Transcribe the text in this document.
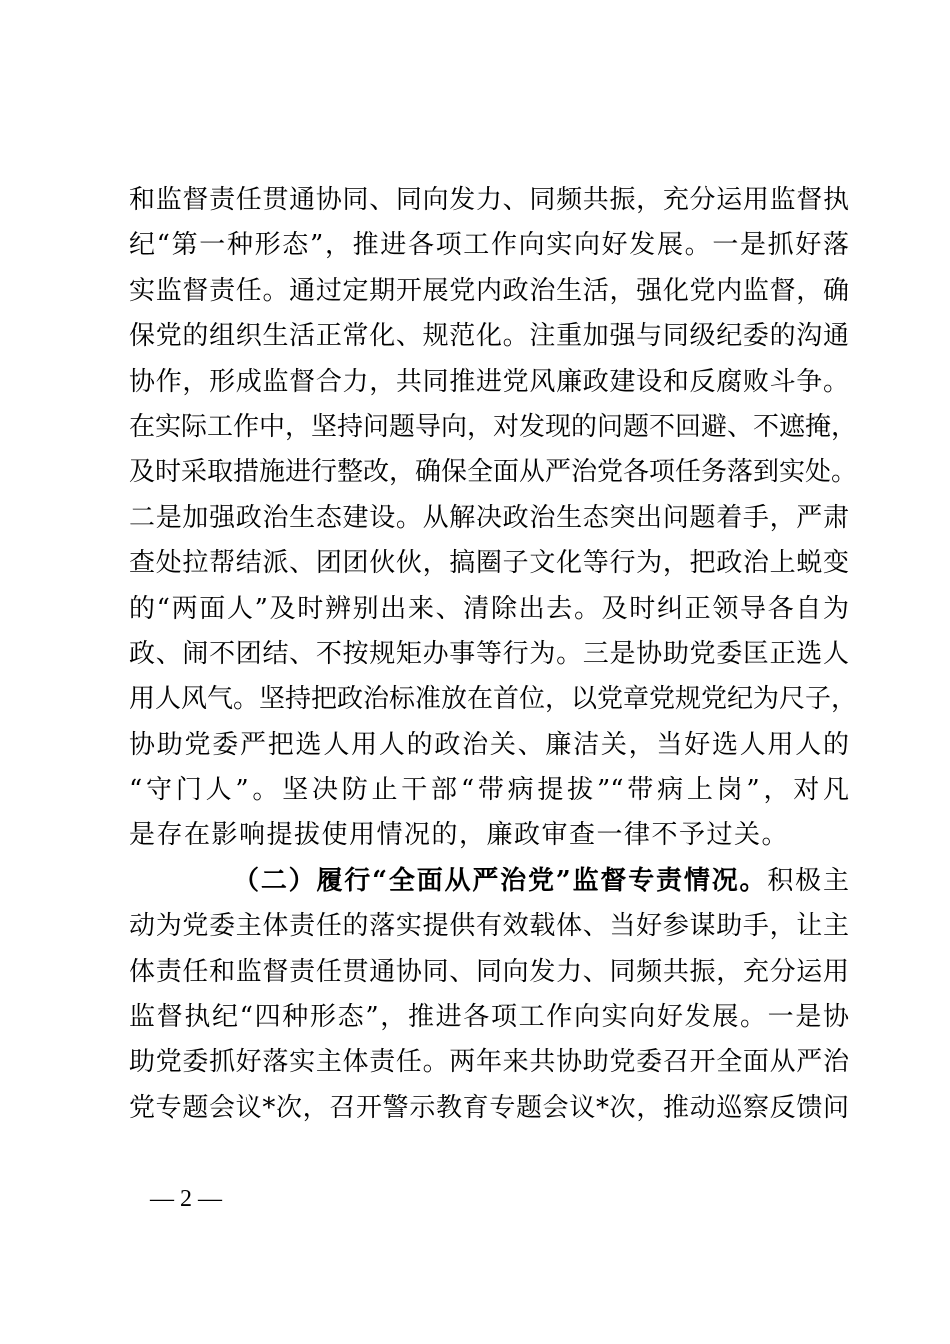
和监督责任贯通协同、同向发力、同频共振，充分运用监督执
纪“第一种形态”，推进各项工作向实向好发展。一是抓好落
实监督责任。通过定期开展党内政治生活，强化党内监督，确
保党的组织生活正常化、规范化。注重加强与同级纪委的沟通
协作，形成监督合力，共同推进党风廉政建设和反腐败斗争。
在实际工作中，坚持问题导向，对发现的问题不回避、不遮掩，
及时采取措施进行整改，确保全面从严治党各项任务落到实处。
二是加强政治生态建设。从解决政治生态突出问题着手，严肃
查处拉帮结派、团团伙伙，搞圈子文化等行为，把政治上蜕变
的“两面人”及时辨别出来、清除出去。及时纠正领导各自为
政、闹不团结、不按规矩办事等行为。三是协助党委匡正选人
用人风气。坚持把政治标准放在首位，以党章党规党纪为尺子，
协助党委严把选人用人的政治关、廉洁关，当好选人用人的
“守门人”。坚决防止干部“带病提拔”“带病上岗”，对凡
是存在影响提拔使用情况的，廉政审查一律不予过关。
（二）履行“全面从严治党”监督专责情况。积极主
动为党委主体责任的落实提供有效载体、当好参谋助手，让主
体责任和监督责任贯通协同、同向发力、同频共振，充分运用
监督执纪“四种形态”，推进各项工作向实向好发展。一是协
助党委抓好落实主体责任。两年来共协助党委召开全面从严治
党专题会议*次，召开警示教育专题会议*次，推动巡察反馈问
— 2 —
